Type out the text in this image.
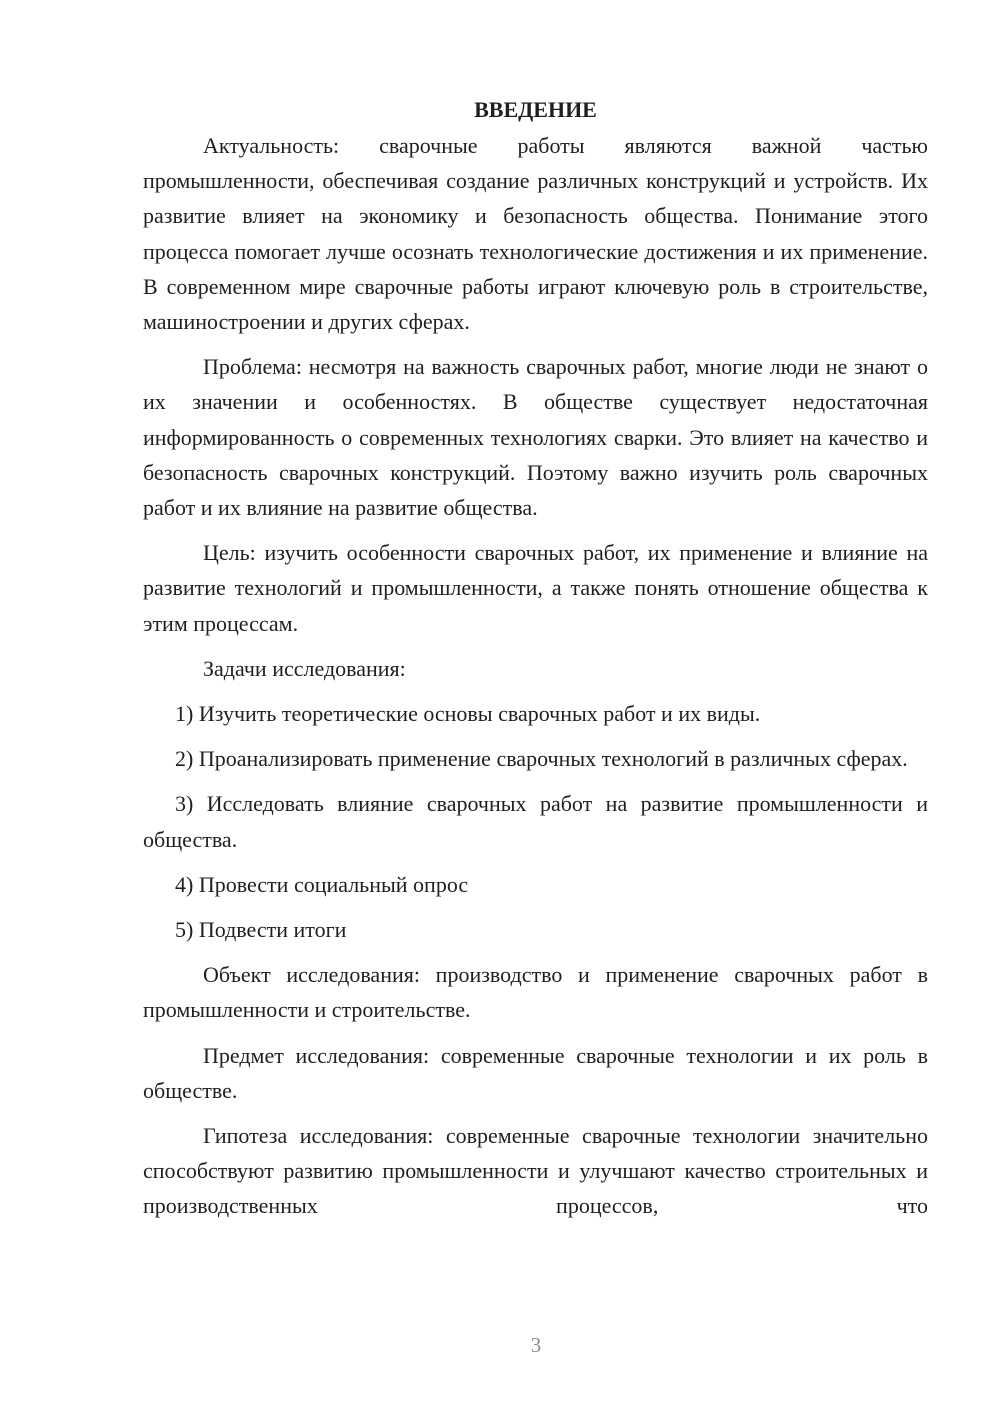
ВВЕДЕНИЕ

Актуальность: сварочные работы являются важной частью промышленности, обеспечивая создание различных конструкций и устройств. Их развитие влияет на экономику и безопасность общества. Понимание этого процесса помогает лучше осознать технологические достижения и их применение. В современном мире сварочные работы играют ключевую роль в строительстве, машиностроении и других сферах.

Проблема: несмотря на важность сварочных работ, многие люди не знают о их значении и особенностях. В обществе существует недостаточная информированность о современных технологиях сварки. Это влияет на качество и безопасность сварочных конструкций. Поэтому важно изучить роль сварочных работ и их влияние на развитие общества.

Цель: изучить особенности сварочных работ, их применение и влияние на развитие технологий и промышленности, а также понять отношение общества к этим процессам.

Задачи исследования:

1) Изучить теоретические основы сварочных работ и их виды.

2) Проанализировать применение сварочных технологий в различных сферах.

3) Исследовать влияние сварочных работ на развитие промышленности и общества.

4) Провести социальный опрос

5) Подвести итоги

Объект исследования: производство и применение сварочных работ в промышленности и строительстве.

Предмет исследования: современные сварочные технологии и их роль в обществе.

Гипотеза исследования: современные сварочные технологии значительно способствуют развитию промышленности и улучшают качество строительных и производственных процессов, что

3
